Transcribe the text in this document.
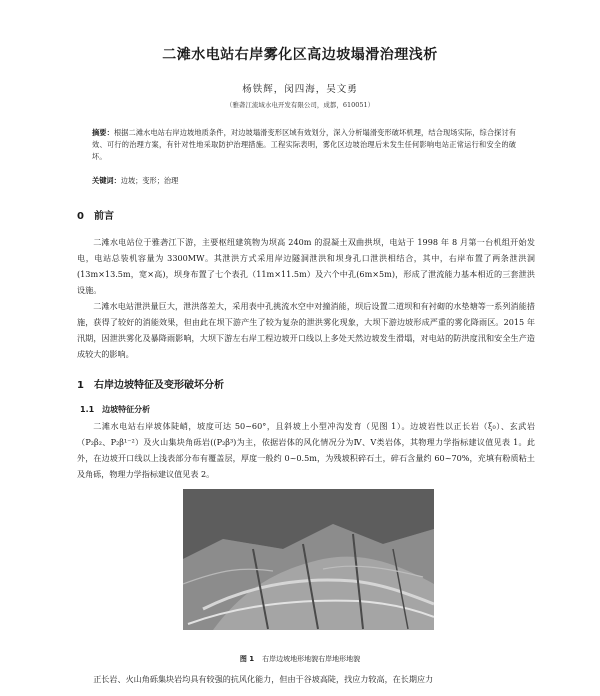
二滩水电站右岸雾化区高边坡塌滑治理浅析
杨铁辉，闵四海，吴文勇
（雅砻江流域水电开发有限公司，成都，610051）
摘要：根据二滩水电站右岸边坡地质条件，对边坡塌滑变形区域有效划分，深入分析塌滑变形破坏机理，结合现场实际，综合探讨有效、可行的治理方案，有针对性地采取防护治理措施。工程实际表明，雾化区边坡治理后未发生任何影响电站正常运行和安全的破坏。
关键词：边坡；变形；治理
0　前言
二滩水电站位于雅砻江下游，主要枢纽建筑物为坝高 240m 的混凝土双曲拱坝，电站于 1998 年 8 月第一台机组开始发电，电站总装机容量为 3300MW。其泄洪方式采用岸边隧洞泄洪和坝身孔口泄洪相结合，其中，右岸布置了两条泄洪洞(13m×13.5m，宽×高)，坝身布置了七个表孔（11m×11.5m）及六个中孔(6m×5m)，形成了泄流能力基本相近的三套泄洪设施。
二滩水电站泄洪量巨大，泄洪落差大，采用表中孔挑流水空中对撞消能，坝后设置二道坝和有衬砌的水垫塘等一系列消能措施，获得了较好的消能效果，但由此在坝下游产生了较为复杂的泄洪雾化现象，大坝下游边坡形成严重的雾化降雨区。2015 年汛期，因泄洪雾化及暴降雨影响，大坝下游左右岸工程边坡开口线以上多处天然边坡发生滑塌，对电站的防洪度汛和安全生产造成较大的影响。
1　右岸边坡特征及变形破坏分析
1.1　边坡特征分析
二滩水电站右岸坡体陡峭，坡度可达 50~60°，且斜坡上小型冲沟发育（见图 1）。边坡岩性以正长岩（ξ₀）、玄武岩（P₂β₂、P₂β¹⁻²）及火山集块角砾岩((P₂β³)为主，依据岩体的风化情况分为Ⅳ、Ⅴ类岩体，其物理力学指标建议值见表 1。此外，在边坡开口线以上浅表部分布有覆盖层，厚度一般约 0~0.5m，为残坡积碎石土，碎石含量约 60~70%，充填有粉质粘土及角砾，物理力学指标建议值见表 2。
图 1 右岸边坡地形地貌右岸地形地貌
正长岩、火山角砾集块岩均具有较强的抗风化能力，但由于谷坡高陡，找应力较高，在长期应力
